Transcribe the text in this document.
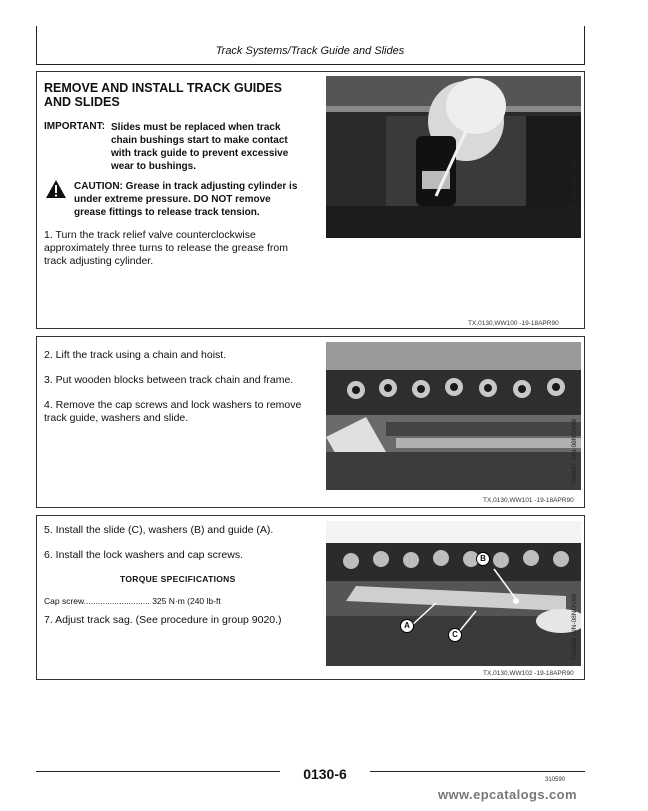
Track Systems/Track Guide and Slides
REMOVE AND INSTALL TRACK GUIDES
AND SLIDES
IMPORTANT: Slides must be replaced when track
chain bushings start to make contact
with track guide to prevent excessive
wear to bushings.
CAUTION: Grease in track adjusting cylinder is
under extreme pressure. DO NOT remove
grease fittings to release track tension.
1. Turn the track relief valve counterclockwise
approximately three turns to release the grease from
track adjusting cylinder.
T64390U -UN-28OCT88
TX,0130,WW100 -19-18APR90
2. Lift the track using a chain and hoist.
3. Put wooden blocks between track chain and frame.
4. Remove the cap screws and lock washers to remove
track guide, washers and slide.
T64827 -UN-08NOV88
TX,0130,WW101 -19-18APR90
5. Install the slide (C), washers (B) and guide (A).
6. Install the lock washers and cap screws.
TORQUE SPECIFICATIONS
Cap screw............................ 325 N·m (240 lb-ft
7. Adjust track sag. (See procedure in group 9020.)	A
B
C	T62528 -UN-08NOV88
TX,0130,WW102 -19-18APR90
0130-6	310590
www.epcatalogs.com
